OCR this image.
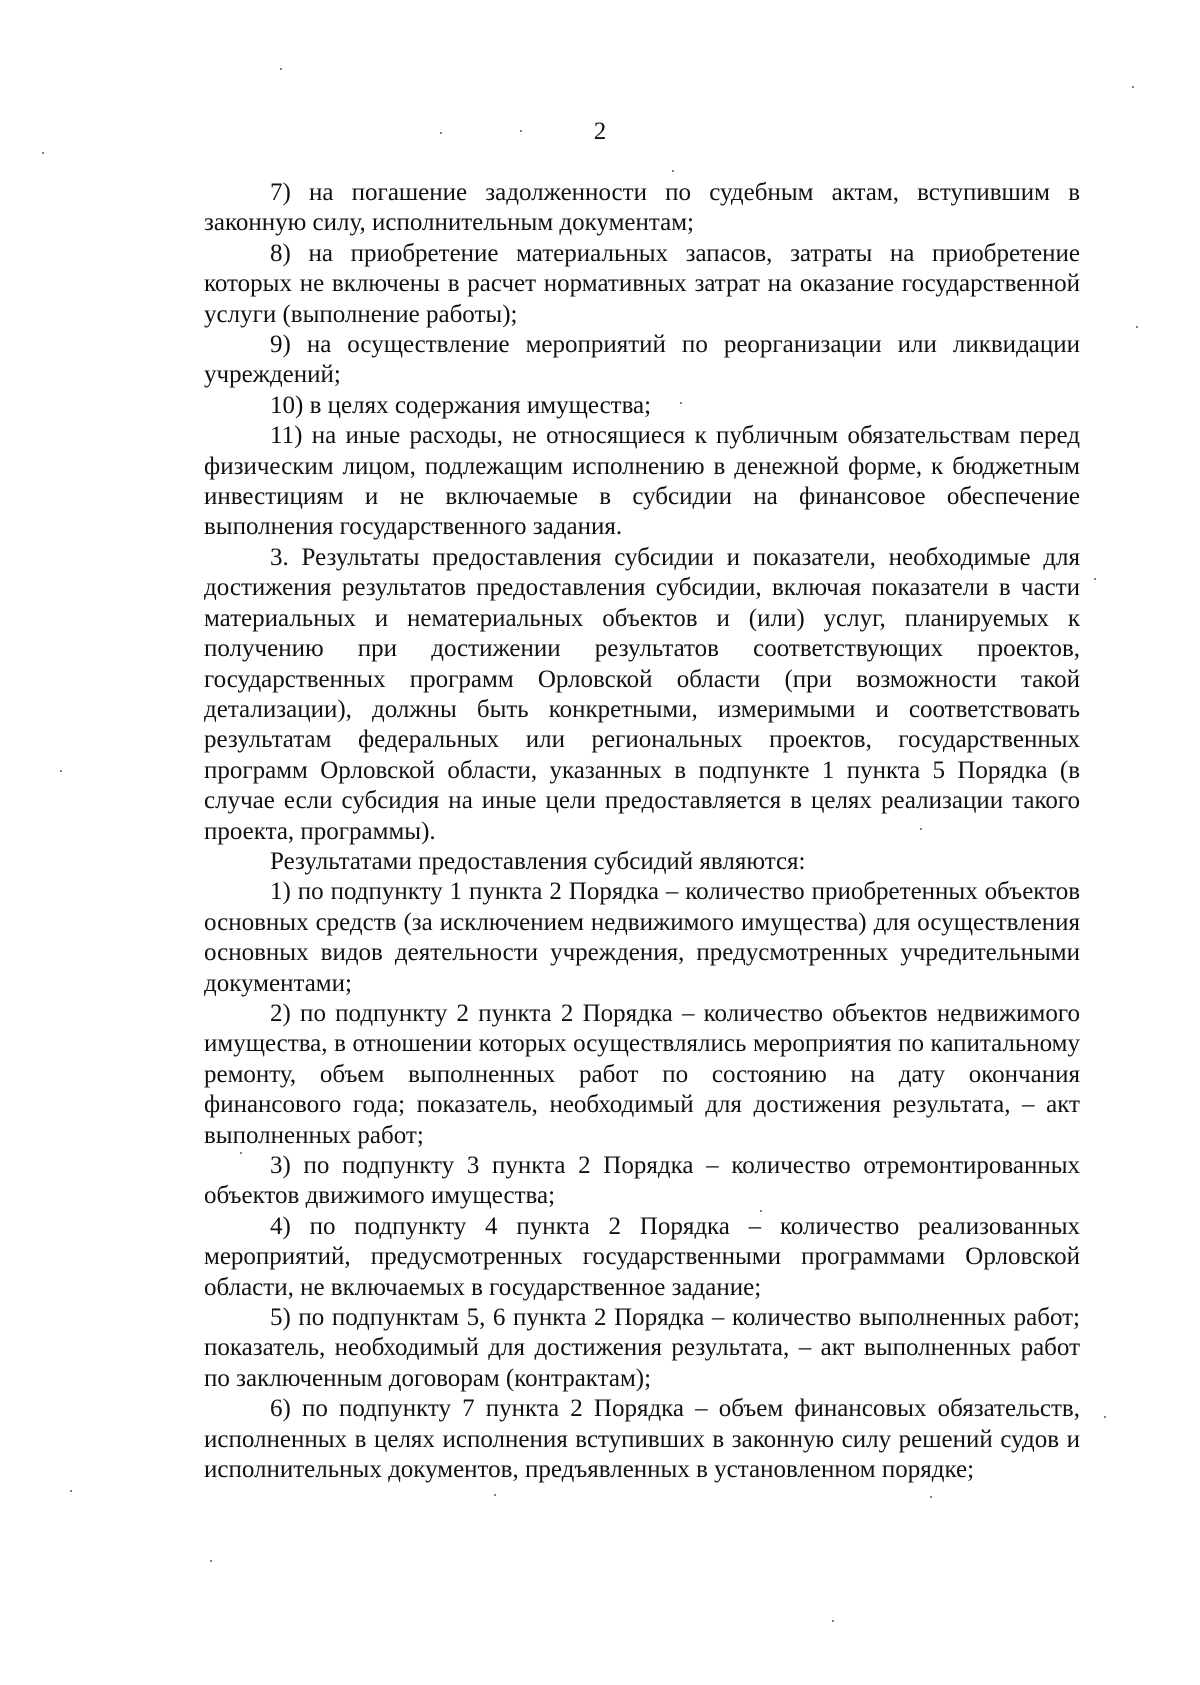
2

7) на погашение задолженности по судебным актам, вступившим в законную силу, исполнительным документам;

8) на приобретение материальных запасов, затраты на приобретение которых не включены в расчет нормативных затрат на оказание государственной услуги (выполнение работы);

9) на осуществление мероприятий по реорганизации или ликвидации учреждений;

10) в целях содержания имущества;

11) на иные расходы, не относящиеся к публичным обязательствам перед физическим лицом, подлежащим исполнению в денежной форме, к бюджетным инвестициям и не включаемые в субсидии на финансовое обеспечение выполнения государственного задания.

3. Результаты предоставления субсидии и показатели, необходимые для достижения результатов предоставления субсидии, включая показатели в части материальных и нематериальных объектов и (или) услуг, планируемых к получению при достижении результатов соответствующих проектов, государственных программ Орловской области (при возможности такой детализации), должны быть конкретными, измеримыми и соответствовать результатам федеральных или региональных проектов, государственных программ Орловской области, указанных в подпункте 1 пункта 5 Порядка (в случае если субсидия на иные цели предоставляется в целях реализации такого проекта, программы).

Результатами предоставления субсидий являются:

1) по подпункту 1 пункта 2 Порядка – количество приобретенных объектов основных средств (за исключением недвижимого имущества) для осуществления основных видов деятельности учреждения, предусмотренных учредительными документами;

2) по подпункту 2 пункта 2 Порядка – количество объектов недвижимого имущества, в отношении которых осуществлялись мероприятия по капитальному ремонту, объем выполненных работ по состоянию на дату окончания финансового года; показатель, необходимый для достижения результата, – акт выполненных работ;

3) по подпункту 3 пункта 2 Порядка – количество отремонтированных объектов движимого имущества;

4) по подпункту 4 пункта 2 Порядка – количество реализованных мероприятий, предусмотренных государственными программами Орловской области, не включаемых в государственное задание;

5) по подпунктам 5, 6 пункта 2 Порядка – количество выполненных работ; показатель, необходимый для достижения результата, – акт выполненных работ по заключенным договорам (контрактам);

6) по подпункту 7 пункта 2 Порядка – объем финансовых обязательств, исполненных в целях исполнения вступивших в законную силу решений судов и исполнительных документов, предъявленных в установленном порядке;
